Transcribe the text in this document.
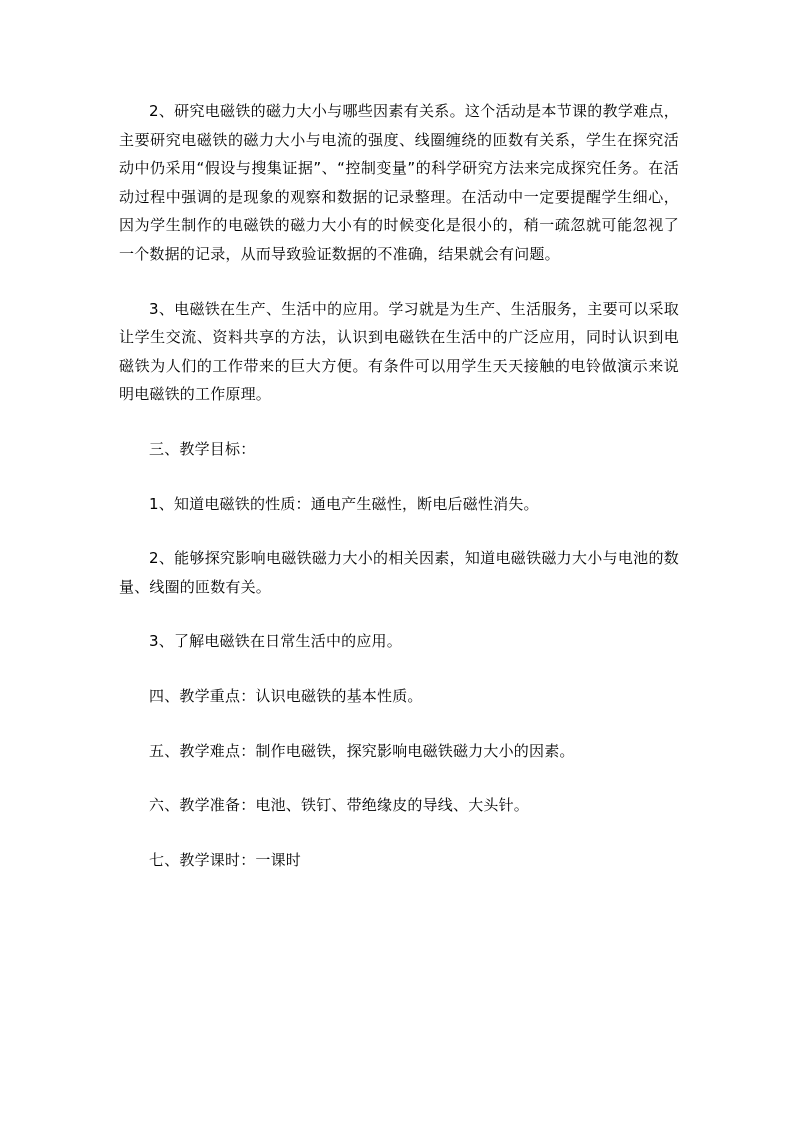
2、研究电磁铁的磁力大小与哪些因素有关系。这个活动是本节课的教学难点，主要研究电磁铁的磁力大小与电流的强度、线圈缠绕的匝数有关系，学生在探究活动中仍采用“假设与搜集证据”、“控制变量”的科学研究方法来完成探究任务。在活动过程中强调的是现象的观察和数据的记录整理。在活动中一定要提醒学生细心，因为学生制作的电磁铁的磁力大小有的时候变化是很小的，稍一疏忽就可能忽视了一个数据的记录，从而导致验证数据的不准确，结果就会有问题。

3、电磁铁在生产、生活中的应用。学习就是为生产、生活服务，主要可以采取让学生交流、资料共享的方法，认识到电磁铁在生活中的广泛应用，同时认识到电磁铁为人们的工作带来的巨大方便。有条件可以用学生天天接触的电铃做演示来说明电磁铁的工作原理。

三、教学目标：

1、知道电磁铁的性质：通电产生磁性，断电后磁性消失。

2、能够探究影响电磁铁磁力大小的相关因素，知道电磁铁磁力大小与电池的数量、线圈的匝数有关。

3、了解电磁铁在日常生活中的应用。

四、教学重点：认识电磁铁的基本性质。

五、教学难点：制作电磁铁，探究影响电磁铁磁力大小的因素。

六、教学准备：电池、铁钉、带绝缘皮的导线、大头针。

七、教学课时：一课时
